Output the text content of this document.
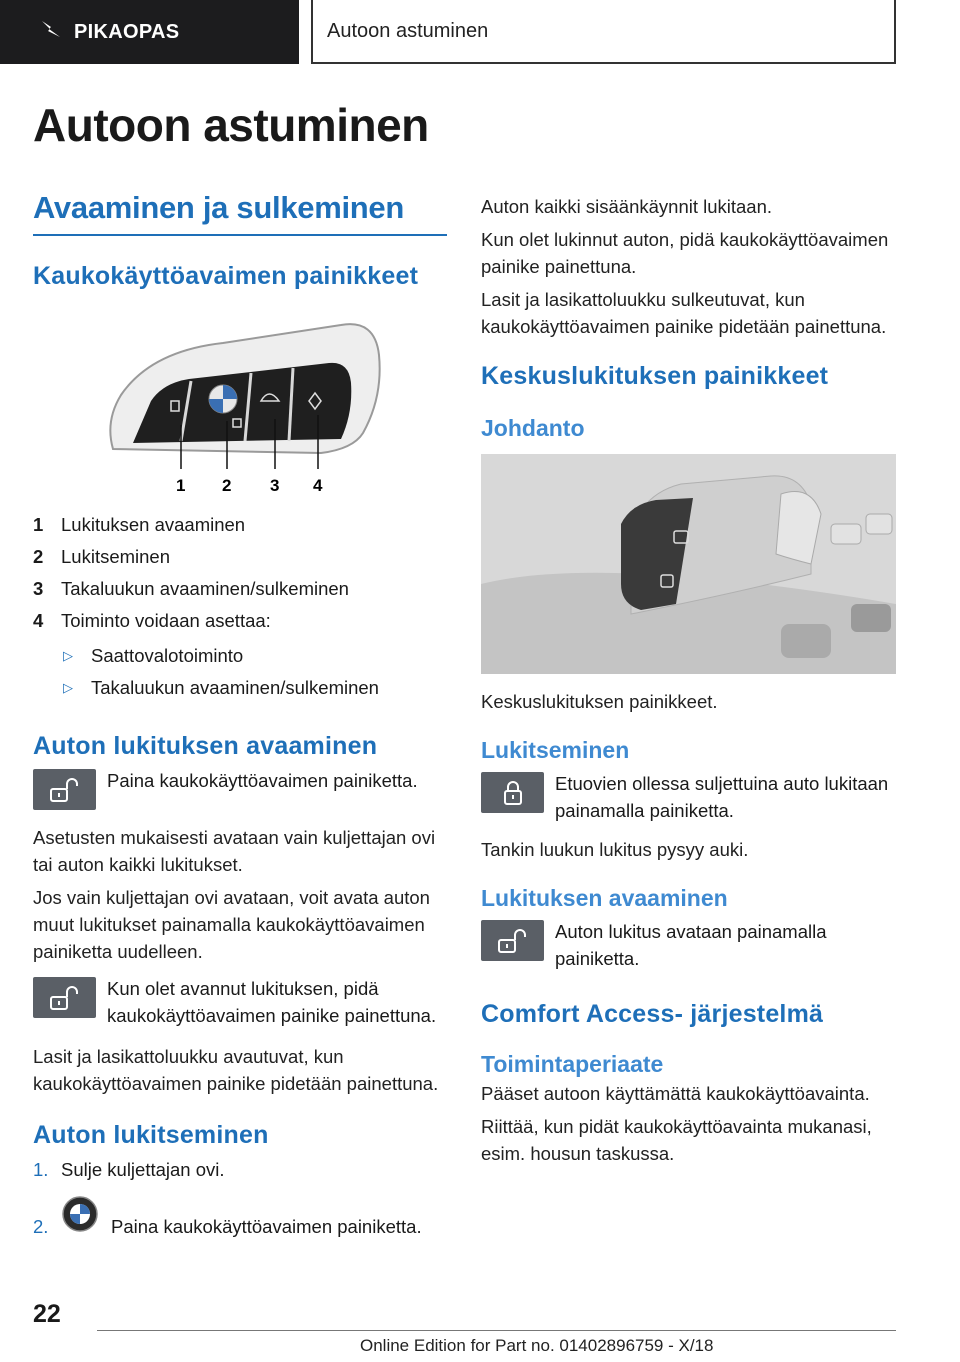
PIKAOPAS	Autoon astuminen
Autoon astuminen
Avaaminen ja sulkeminen
Kaukokäyttöavaimen painikkeet
1 2 3 4
1 Lukituksen avaaminen
2 Lukitseminen
3 Takaluukun avaaminen/sulkeminen
4 Toiminto voidaan asettaa:
▷ Saattovalotoiminto
▷ Takaluukun avaaminen/sulkeminen
Auton lukituksen avaaminen
Paina kaukokäyttöavaimen painiketta.

Asetusten mukaisesti avataan vain kuljettajan ovi tai auton kaikki lukitukset.

Jos vain kuljettajan ovi avataan, voit avata auton muut lukitukset painamalla kaukokäyttöavaimen painiketta uudelleen.

Kun olet avannut lukituksen, pidä kaukokäyttöavaimen painike painettuna.

Lasit ja lasikattoluukku avautuvat, kun kaukokäyttöavaimen painike pidetään painettuna.

Auton lukitseminen
1. Sulje kuljettajan ovi.
2.	Paina kaukokäyttöavaimen painiketta.

Auton kaikki sisäänkäynnit lukitaan.

Kun olet lukinnut auton, pidä kaukokäyttöavaimen painike painettuna.

Lasit ja lasikattoluukku sulkeutuvat, kun kaukokäyttöavaimen painike pidetään painettuna.

Keskuslukituksen painikkeet
Johdanto

Keskuslukituksen painikkeet.

Lukitseminen
Etuovien ollessa suljettuina auto lukitaan painamalla painiketta.

Tankin luukun lukitus pysyy auki.

Lukituksen avaaminen
Auton lukitus avataan painamalla painiketta.
Comfort Access- järjestelmä
Toimintaperiaate

Pääset autoon käyttämättä kaukokäyttöavainta.

Riittää, kun pidät kaukokäyttöavainta mukanasi, esim. housun taskussa.

22
Online Edition for Part no. 01402896759 - X/18
